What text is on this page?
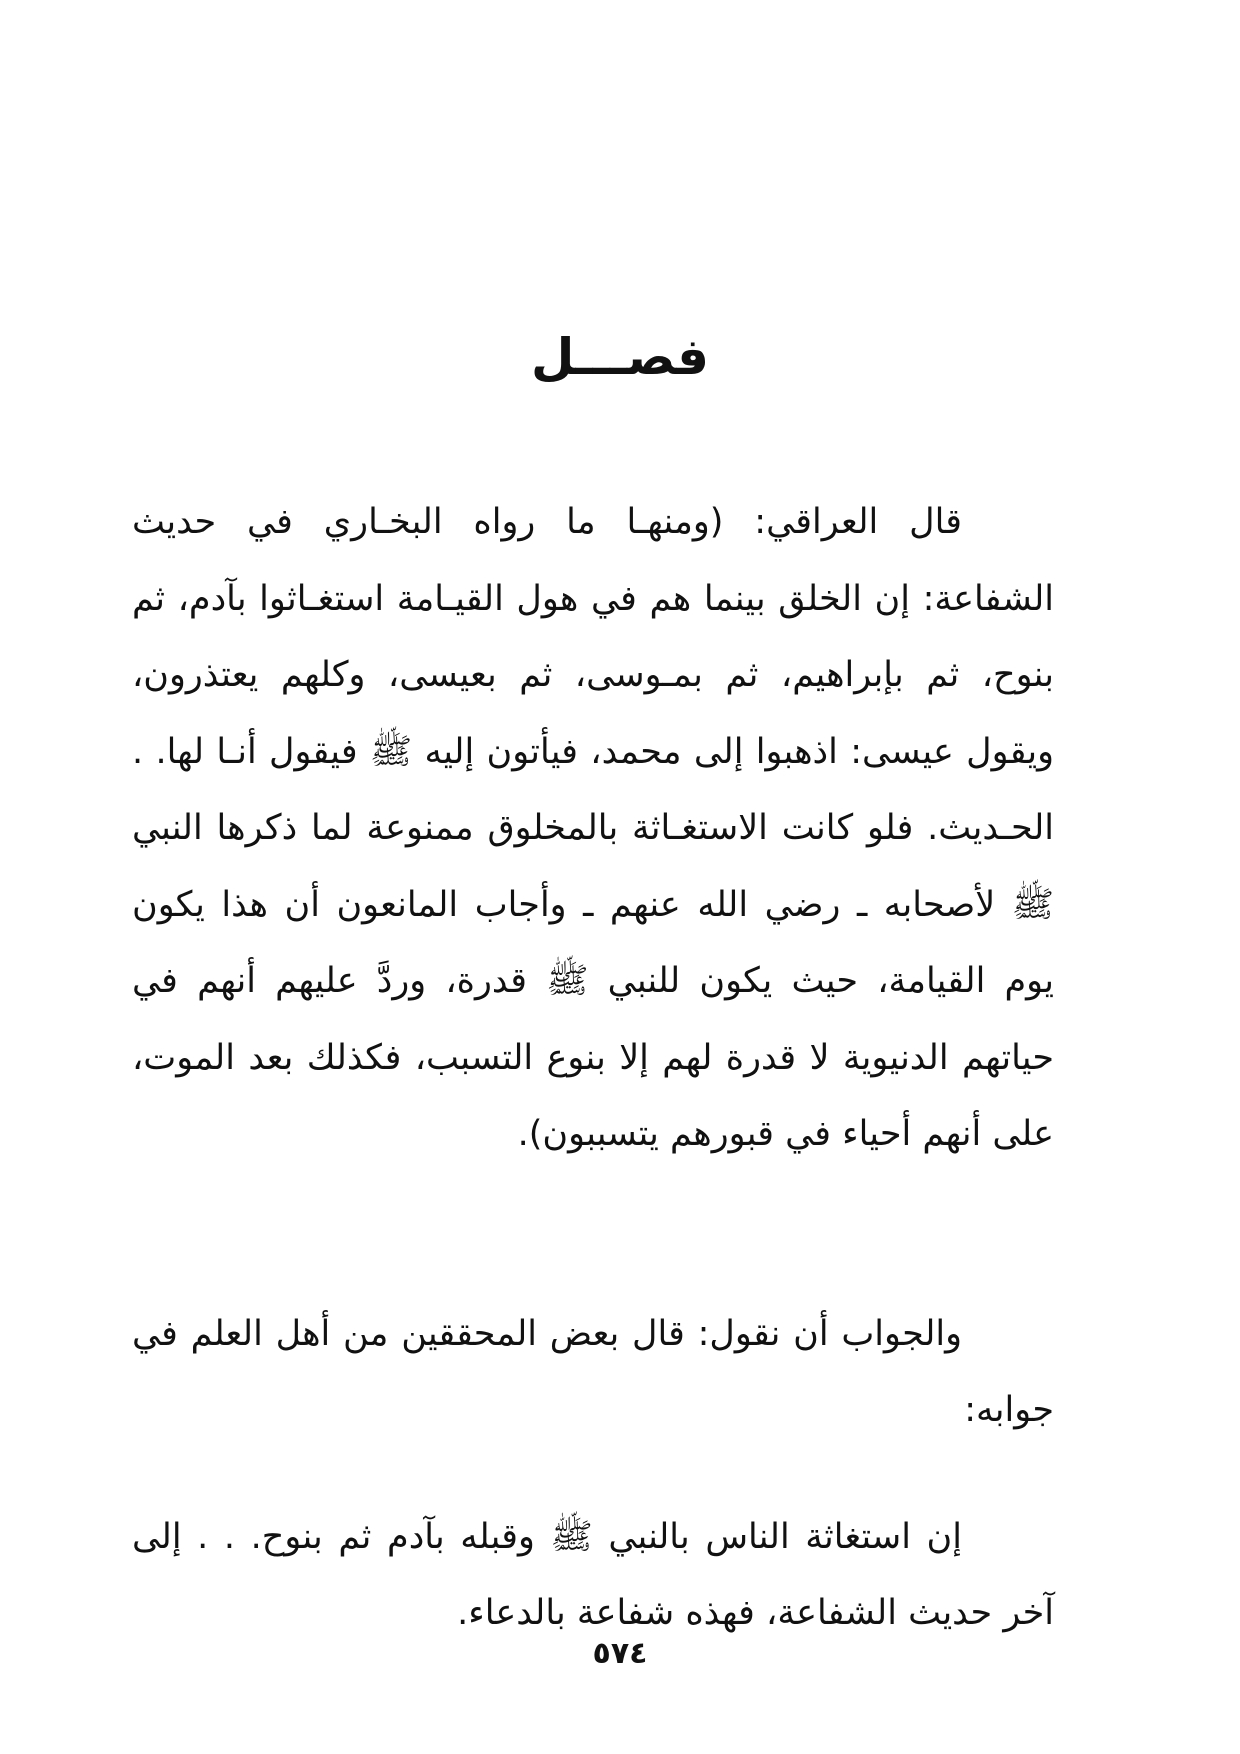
فصـــل

قال العراقي: (ومنهـا ما رواه البخـاري في حديث الشفاعة: إن الخلق بينما هم في هول القيـامة استغـاثوا بآدم، ثم بنوح، ثم بإبراهيم، ثم بمـوسى، ثم بعيسى، وكلهم يعتذرون، ويقول عيسى: اذهبوا إلى محمد، فيأتون إليه ﷺ فيقول أنـا لها. . الحـديث. فلو كانت الاستغـاثة بالمخلوق ممنوعة لما ذكرها النبي ﷺ لأصحابه ـ رضي الله عنهم ـ وأجاب المانعون أن هذا يكون يوم القيامة، حيث يكون للنبي ﷺ قدرة، وردَّ عليهم أنهم في حياتهم الدنيوية لا قدرة لهم إلا بنوع التسبب، فكذلك بعد الموت، على أنهم أحياء في قبورهم يتسببون).

والجواب أن نقول: قال بعض المحققين من أهل العلم في جوابه:

إن استغاثة الناس بالنبي ﷺ وقبله بآدم ثم بنوح. . . إلى آخر حديث الشفاعة، فهذه شفاعة بالدعاء.

٥٧٤
